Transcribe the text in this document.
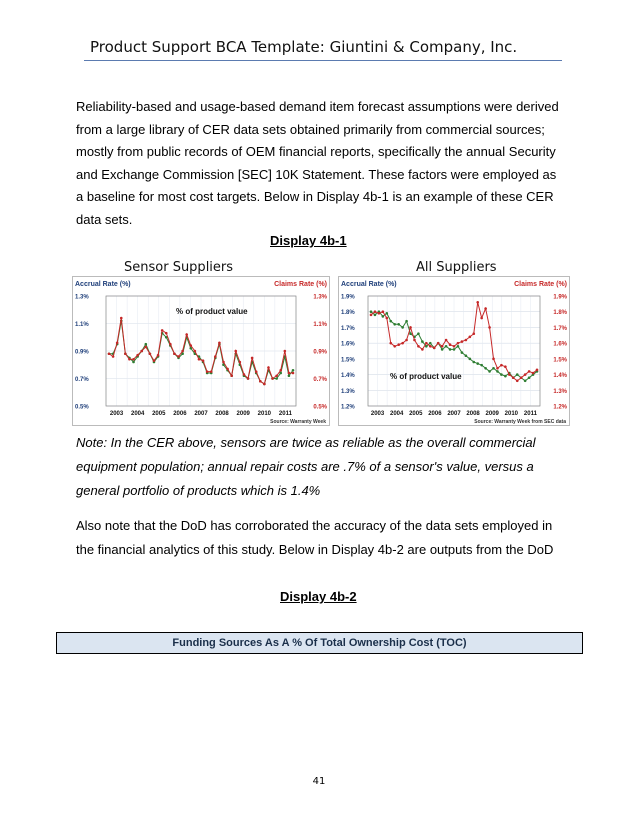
Product Support BCA Template: Giuntini & Company, Inc.
Reliability-based and usage-based demand item forecast assumptions were derived from a large library of CER data sets obtained primarily from commercial sources; mostly from public records of OEM financial reports, specifically the annual Security and Exchange Commission [SEC] 10K Statement. These factors were employed as a baseline for most cost targets. Below in Display 4b-1 is an example of these CER data sets.
Display 4b-1
Sensor Suppliers
Accrual Rate (%)	Claims Rate (%)
1.3%	1.3%
1.1%	1.1%
0.9%	0.9%
0.7%	0.7%
0.5%	0.5%
2003 2004 2005 2006 2007 2008 2009 2010 2011
% of product value
Source: Warranty Week
All Suppliers
Accrual Rate (%)	Claims Rate (%)
1.9%	1.9%
1.8%	1.8%
1.7%	1.7%
1.6%	1.6%
1.5%	1.5%
1.4%	1.4%
1.3%	1.3%
1.2%	1.2%
2003 2004 2005 2006 2007 2008 2009 2010 2011
% of product value
Source: Warranty Week from SEC data
Note: In the CER above, sensors are twice as reliable as the overall commercial equipment population; annual repair costs are .7% of a sensor's value, versus a general portfolio of products which is 1.4%
Also note that the DoD has corroborated the accuracy of the data sets employed in the financial analytics of this study. Below in Display 4b-2 are outputs from the DoD
Display 4b-2
Funding Sources As A % Of Total Ownership Cost (TOC)
41
